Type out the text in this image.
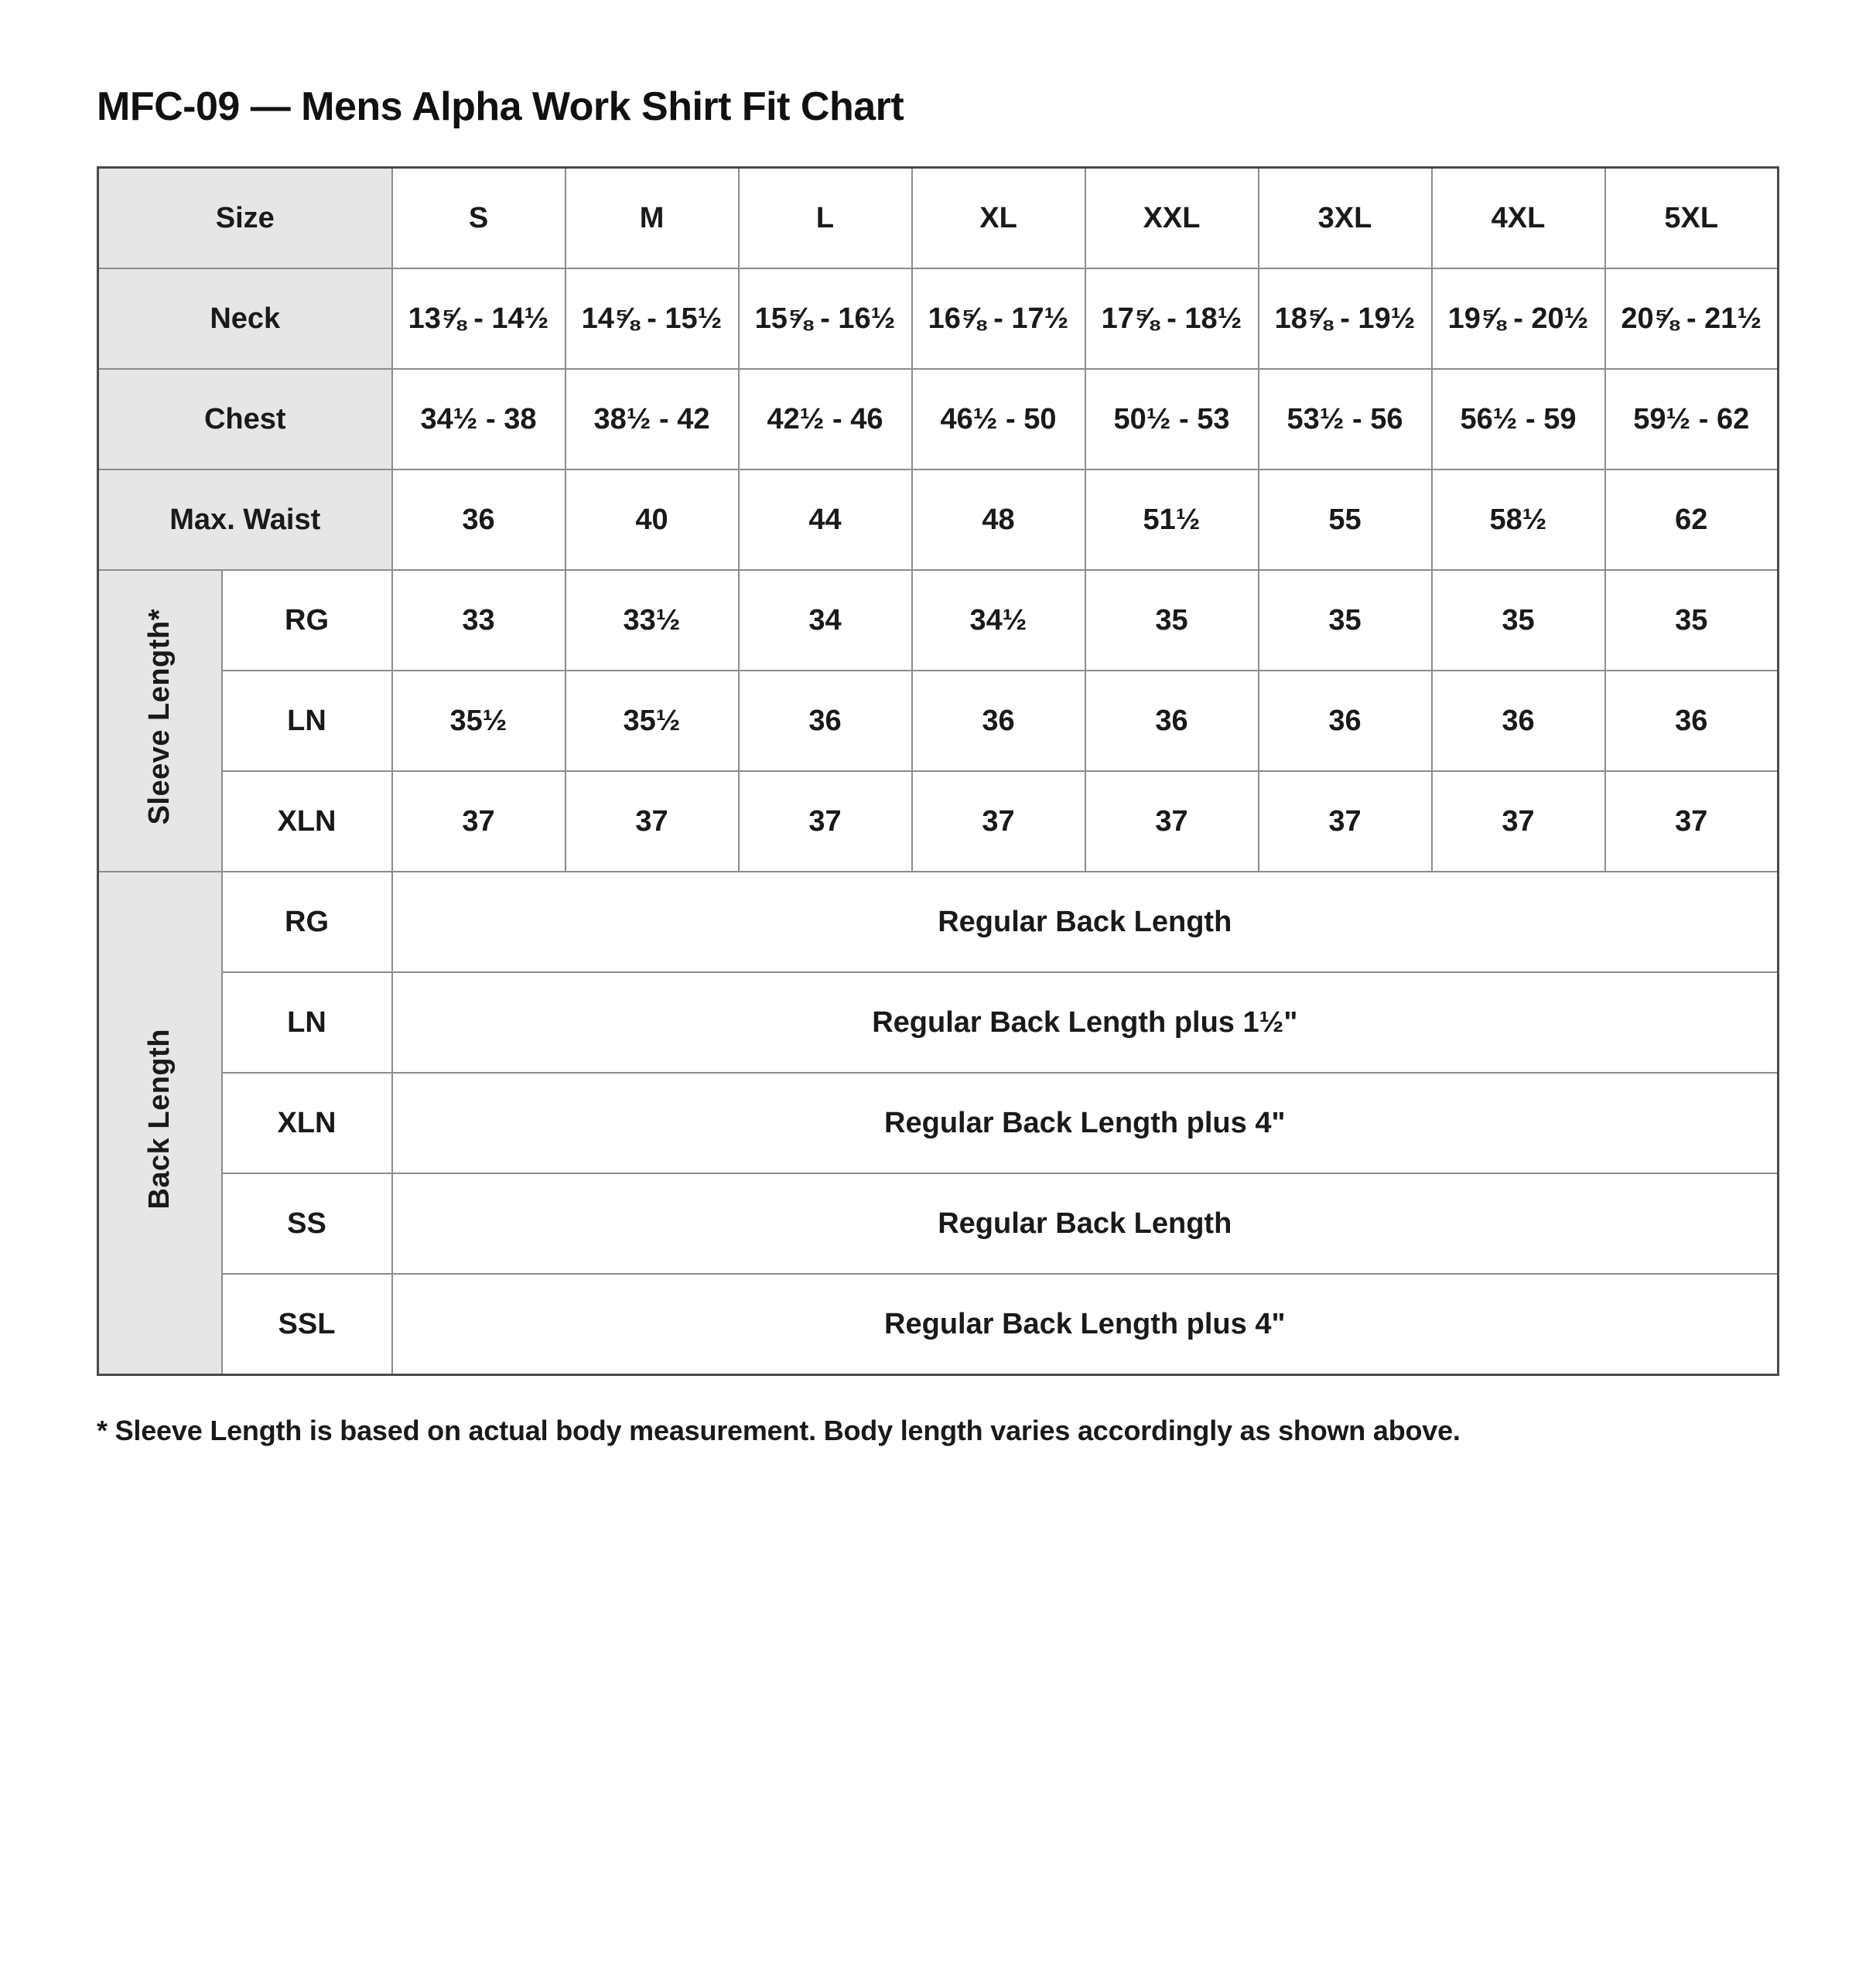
MFC-09 — Mens Alpha Work Shirt Fit Chart
Size		S	M	L	XL	XXL	3XL	4XL	5XL
Neck		13⅝ - 14½	14⅝ - 15½	15⅝ - 16½	16⅝ - 17½	17⅝ - 18½	18⅝ - 19½	19⅝ - 20½	20⅝ - 21½
Chest		34½ - 38	38½ - 42	42½ - 46	46½ - 50	50½ - 53	53½ - 56	56½ - 59	59½ - 62
Max. Waist		36	40	44	48	51½	55	58½	62
Sleeve Length*	RG	33	33½	34	34½	35	35	35	35
	LN	35½	35½	36	36	36	36	36	36
	XLN	37	37	37	37	37	37	37	37
Back Length	RG	Regular Back Length							
	LN	Regular Back Length plus 1½"							
	XLN	Regular Back Length plus 4"							
	SS	Regular Back Length							
	SSL	Regular Back Length plus 4"							
* Sleeve Length is based on actual body measurement. Body length varies accordingly as shown above.
